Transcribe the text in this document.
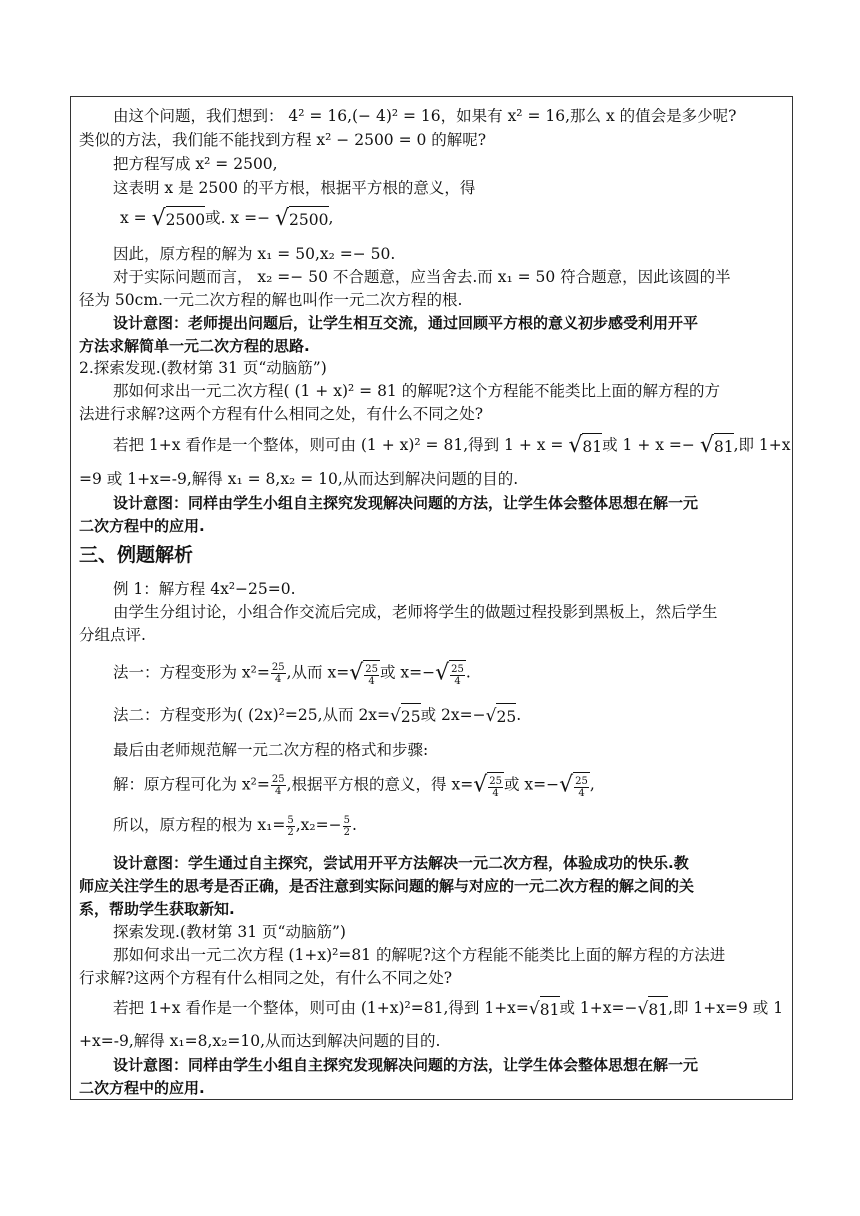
由这个问题，我们想到： 4² = 16,(− 4)² = 16，如果有 x² = 16,那么 x 的值会是多少呢?
类似的方法，我们能不能找到方程 x² − 2500 = 0 的解呢?
把方程写成 x² = 2500,
这表明 x 是 2500 的平方根，根据平方根的意义，得
x = √2500或. x =− √2500,
因此，原方程的解为 x₁ = 50,x₂ =− 50.
对于实际问题而言， x₂ =− 50 不合题意，应当舍去.而 x₁ = 50 符合题意，因此该圆的半
径为 50cm.一元二次方程的解也叫作一元二次方程的根.
设计意图：老师提出问题后，让学生相互交流，通过回顾平方根的意义初步感受利用开平
方法求解简单一元二次方程的思路.
2.探索发现.(教材第 31 页“动脑筋”)
那如何求出一元二次方程( (1 + x)² = 81 的解呢?这个方程能不能类比上面的解方程的方
法进行求解?这两个方程有什么相同之处，有什么不同之处?
若把 1+x 看作是一个整体，则可由 (1 + x)² = 81,得到 1 + x = √81或 1 + x =− √81,即 1+x
=9 或 1+x=-9,解得 x₁ = 8,x₂ = 10,从而达到解决问题的目的.
设计意图：同样由学生小组自主探究发现解决问题的方法，让学生体会整体思想在解一元
二次方程中的应用.
三、例题解析
例 1：解方程 4x²−25=0.
由学生分组讨论，小组合作交流后完成，老师将学生的做题过程投影到黑板上，然后学生
分组点评.
法一：方程变形为 $x^2= \frac{25}{4}$ ,从而 $x=√ \frac{25}{4}$ 或 $x=-√ \frac{25}{4}$ .
法二：方程变形为( (2x)²=25,从而 2x=√25或 2x=−√25.
最后由老师规范解一元二次方程的格式和步骤:
解：原方程可化为 $x^2= \frac{25}{4}$ ,根据平方根的意义，得 $x=√ \frac{25}{4}$ 或 $x=-√ \frac{25}{4}$ ,
所以，原方程的根为 $x_1= \frac{5}{2} ,x_2=- \frac{5}{2}$ .
设计意图：学生通过自主探究，尝试用开平方法解决一元二次方程，体验成功的快乐.教
师应关注学生的思考是否正确，是否注意到实际问题的解与对应的一元二次方程的解之间的关
系，帮助学生获取新知.
探索发现.(教材第 31 页“动脑筋”)
那如何求出一元二次方程 (1+x)²=81 的解呢?这个方程能不能类比上面的解方程的方法进
行求解?这两个方程有什么相同之处，有什么不同之处?
若把 1+x 看作是一个整体，则可由 (1+x)²=81,得到 1+x=√81或 1+x=−√81,即 1+x=9 或 1
+x=-9,解得 x₁=8,x₂=10,从而达到解决问题的目的.
设计意图：同样由学生小组自主探究发现解决问题的方法，让学生体会整体思想在解一元
二次方程中的应用.
